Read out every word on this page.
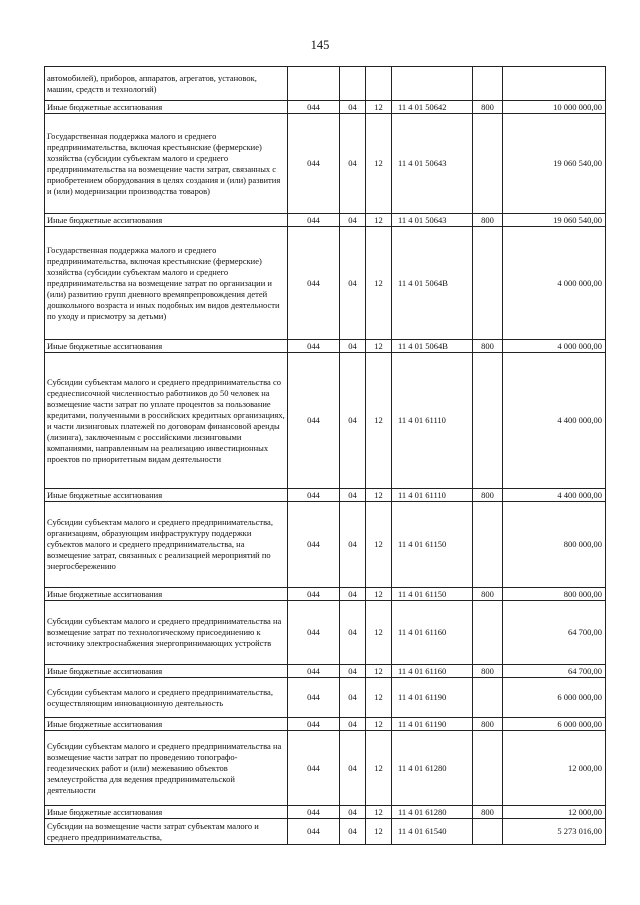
145
автомобилей), приборов, аппаратов, агрегатов, установок, машин, средств и технологий)						
Иные бюджетные ассигнования	044	04	12	11 4 01 50642	800	10 000 000,00
Государственная поддержка малого и среднего предпринимательства, включая крестьянские (фермерские) хозяйства (субсидии субъектам малого и среднего предпринимательства на возмещение части затрат, связанных с приобретением оборудования в целях создания и (или) развития и (или) модернизации производства товаров)	044	04	12	11 4 01 50643		19 060 540,00
Иные бюджетные ассигнования	044	04	12	11 4 01 50643	800	19 060 540,00
Государственная поддержка малого и среднего предпринимательства, включая крестьянские (фермерские) хозяйства (субсидии субъектам малого и среднего предпринимательства на возмещение затрат по организации и (или) развитию групп дневного времяпрепровождения детей дошкольного возраста и иных подобных им видов деятельности по уходу и присмотру за детьми)	044	04	12	11 4 01 5064В		4 000 000,00
Иные бюджетные ассигнования	044	04	12	11 4 01 5064В	800	4 000 000,00
Субсидии субъектам малого и среднего предпринимательства со среднесписочной численностью работников до 50 человек на возмещение части затрат по уплате процентов за пользование кредитами, полученными в российских кредитных организациях, и части лизинговых платежей по договорам финансовой аренды (лизинга), заключенным с российскими лизинговыми компаниями, направленным на реализацию инвестиционных проектов по приоритетным видам деятельности	044	04	12	11 4 01 61110		4 400 000,00
Иные бюджетные ассигнования	044	04	12	11 4 01 61110	800	4 400 000,00
Субсидии субъектам малого и среднего предпринимательства, организациям, образующим инфраструктуру поддержки субъектов малого и среднего предпринимательства, на возмещение затрат, связанных с реализацией мероприятий по энергосбережению	044	04	12	11 4 01 61150		800 000,00
Иные бюджетные ассигнования	044	04	12	11 4 01 61150	800	800 000,00
Субсидии субъектам малого и среднего предпринимательства на возмещение затрат по технологическому присоединению к источнику электроснабжения энергопринимающих устройств	044	04	12	11 4 01 61160		64 700,00
Иные бюджетные ассигнования	044	04	12	11 4 01 61160	800	64 700,00
Субсидии субъектам малого и среднего предпринимательства, осуществляющим инновационную деятельность	044	04	12	11 4 01 61190		6 000 000,00
Иные бюджетные ассигнования	044	04	12	11 4 01 61190	800	6 000 000,00
Субсидии субъектам малого и среднего предпринимательства на возмещение части затрат по проведению топографо-геодезических работ и (или) межеванию объектов землеустройства для ведения предпринимательской деятельности	044	04	12	11 4 01 61280		12 000,00
Иные бюджетные ассигнования	044	04	12	11 4 01 61280	800	12 000,00
Субсидии на возмещение части затрат субъектам малого и среднего предпринимательства,	044	04	12	11 4 01 61540		5 273 016,00
